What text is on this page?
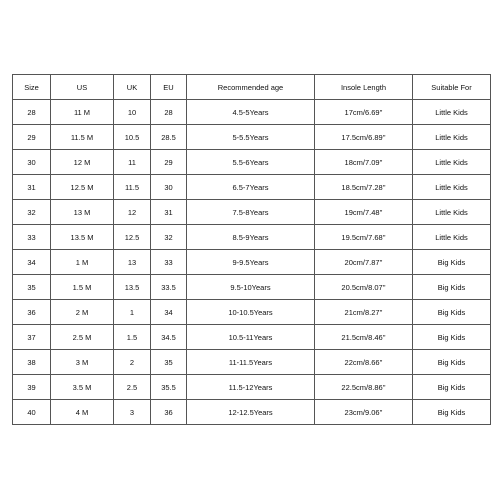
Size	US	UK	EU	Recommended age	Insole Length	Suitable For
28	11 M	10	28	4.5-5Years	17cm/6.69''	Little Kids
29	11.5 M	10.5	28.5	5-5.5Years	17.5cm/6.89''	Little Kids
30	12 M	11	29	5.5-6Years	18cm/7.09''	Little Kids
31	12.5 M	11.5	30	6.5-7Years	18.5cm/7.28''	Little Kids
32	13 M	12	31	7.5-8Years	19cm/7.48''	Little Kids
33	13.5 M	12.5	32	8.5-9Years	19.5cm/7.68''	Little Kids
34	1 M	13	33	9-9.5Years	20cm/7.87''	Big Kids
35	1.5 M	13.5	33.5	9.5-10Years	20.5cm/8.07''	Big Kids
36	2 M	1	34	10-10.5Years	21cm/8.27''	Big Kids
37	2.5 M	1.5	34.5	10.5-11Years	21.5cm/8.46''	Big Kids
38	3 M	2	35	11-11.5Years	22cm/8.66''	Big Kids
39	3.5 M	2.5	35.5	11.5-12Years	22.5cm/8.86''	Big Kids
40	4 M	3	36	12-12.5Years	23cm/9.06''	Big Kids
